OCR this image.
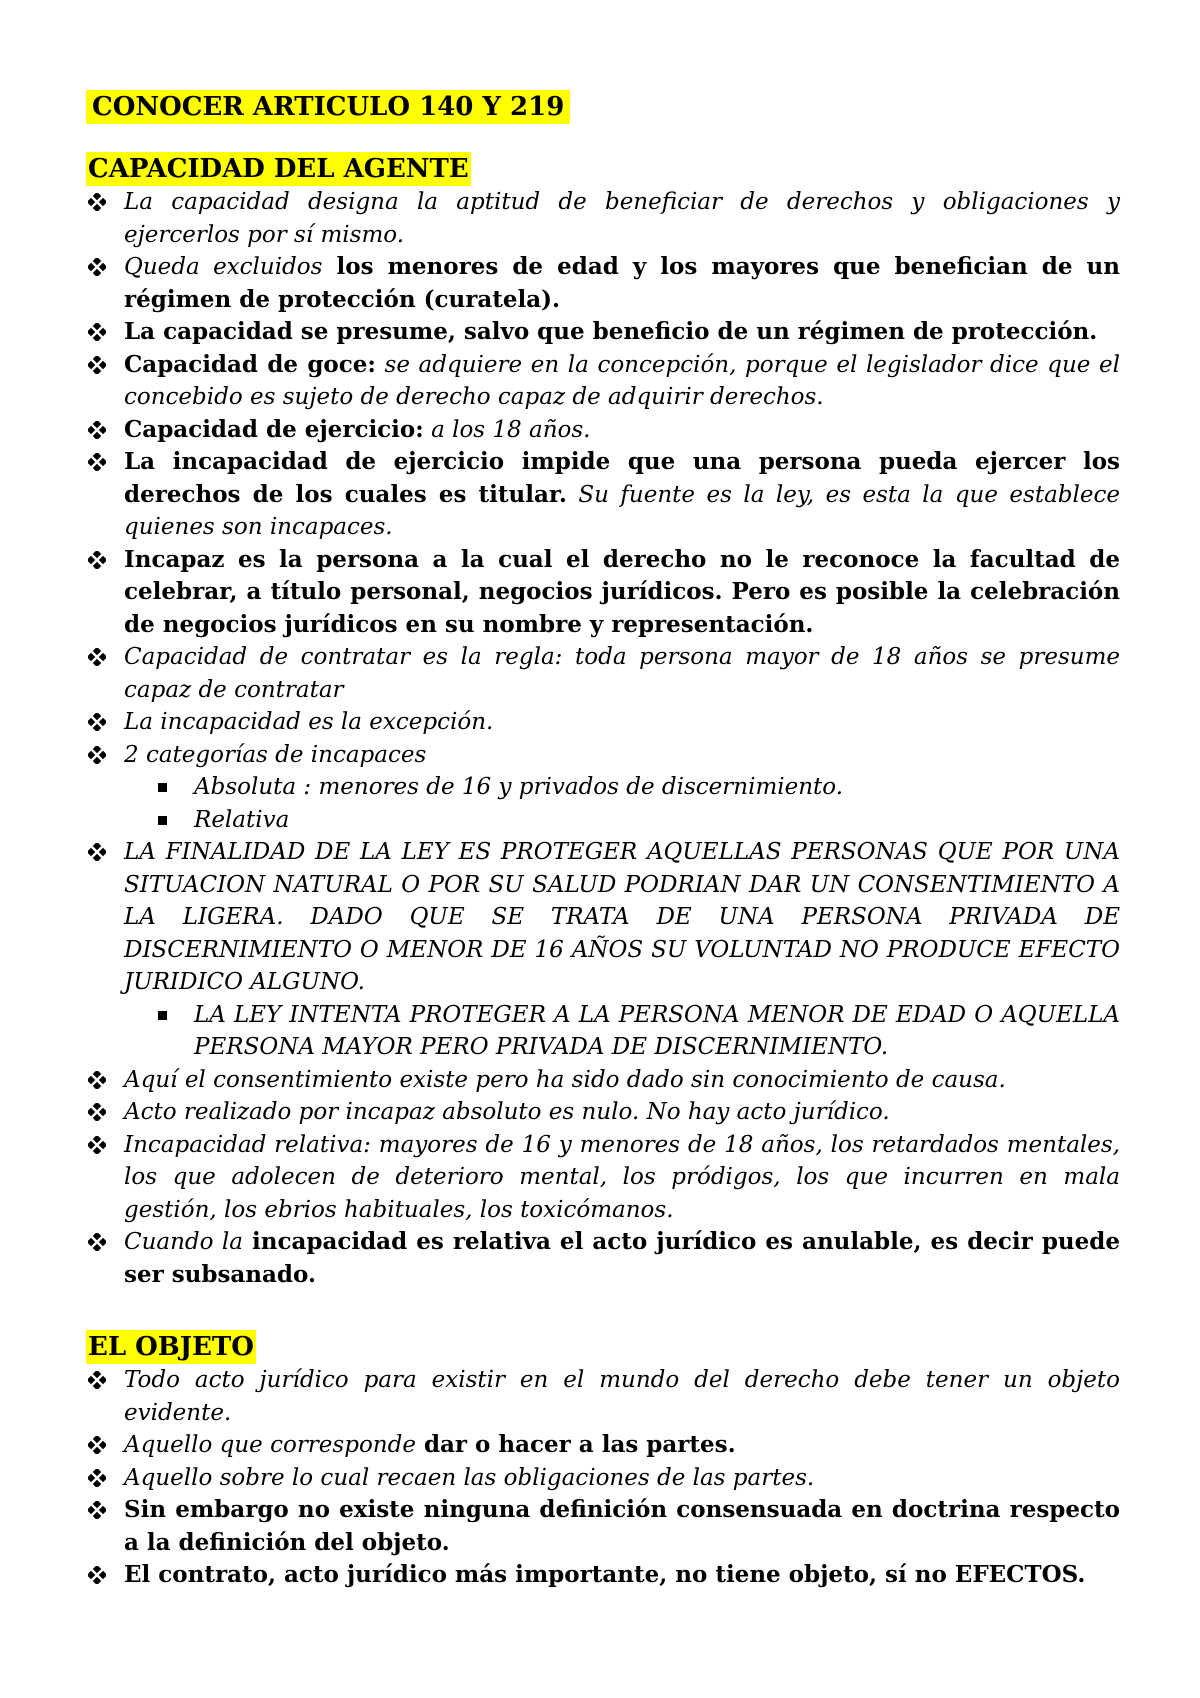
CONOCER ARTICULO 140 Y 219
CAPACIDAD DEL AGENTE
La capacidad designa la aptitud de beneficiar de derechos y obligaciones y ejercerlos por sí mismo.
Queda excluidos los menores de edad y los mayores que benefician de un régimen de protección (curatela).
La capacidad se presume, salvo que beneficio de un régimen de protección.
Capacidad de goce: se adquiere en la concepción, porque el legislador dice que el concebido es sujeto de derecho capaz de adquirir derechos.
Capacidad de ejercicio: a los 18 años.
La incapacidad de ejercicio impide que una persona pueda ejercer los derechos de los cuales es titular. Su fuente es la ley, es esta la que establece quienes son incapaces.
Incapaz es la persona a la cual el derecho no le reconoce la facultad de celebrar, a título personal, negocios jurídicos. Pero es posible la celebración de negocios jurídicos en su nombre y representación.
Capacidad de contratar es la regla: toda persona mayor de 18 años se presume capaz de contratar
La incapacidad es la excepción.
2 categorías de incapaces
Absoluta : menores de 16 y privados de discernimiento.
Relativa
LA FINALIDAD DE LA LEY ES PROTEGER AQUELLAS PERSONAS QUE POR UNA SITUACION NATURAL O POR SU SALUD PODRIAN DAR UN CONSENTIMIENTO A LA LIGERA. DADO QUE SE TRATA DE UNA PERSONA PRIVADA DE DISCERNIMIENTO O MENOR DE 16 AÑOS SU VOLUNTAD NO PRODUCE EFECTO JURIDICO ALGUNO.
LA LEY INTENTA PROTEGER A LA PERSONA MENOR DE EDAD O AQUELLA PERSONA MAYOR PERO PRIVADA DE DISCERNIMIENTO.
Aquí el consentimiento existe pero ha sido dado sin conocimiento de causa.
Acto realizado por incapaz absoluto es nulo. No hay acto jurídico.
Incapacidad relativa: mayores de 16 y menores de 18 años, los retardados mentales, los que adolecen de deterioro mental, los pródigos, los que incurren en mala gestión, los ebrios habituales, los toxicómanos.
Cuando la incapacidad es relativa el acto jurídico es anulable, es decir puede ser subsanado.
EL OBJETO
Todo acto jurídico para existir en el mundo del derecho debe tener un objeto evidente.
Aquello que corresponde dar o hacer a las partes.
Aquello sobre lo cual recaen las obligaciones de las partes.
Sin embargo no existe ninguna definición consensuada en doctrina respecto a la definición del objeto.
El contrato, acto jurídico más importante, no tiene objeto, sí no EFECTOS.
